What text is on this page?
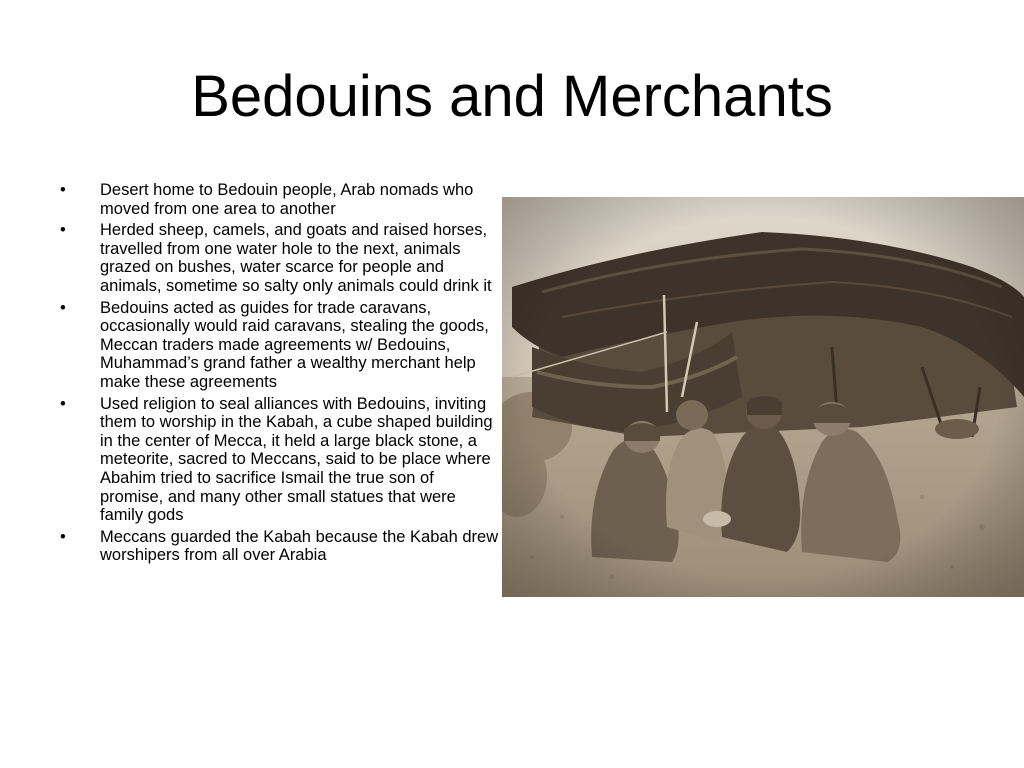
Bedouins and Merchants
•	Desert home to Bedouin people, Arab nomads who moved from one area to another
•	Herded sheep, camels, and goats and raised horses, travelled from one water hole to the next, animals grazed on bushes, water scarce for people and animals, sometime so salty only animals could drink it
•	Bedouins acted as guides for trade caravans, occasionally would raid caravans, stealing the goods, Meccan traders made agreements w/ Bedouins, Muhammad’s grand father a wealthy merchant help make these agreements
•	Used religion to seal alliances with Bedouins, inviting them to worship in the Kabah, a cube shaped building in the center of Mecca, it held a large black stone, a meteorite, sacred to Meccans, said to be place where Abahim tried to sacrifice Ismail the true son of promise, and many other small statues that were family gods
•	Meccans guarded the Kabah because the Kabah drew worshipers from all over Arabia
